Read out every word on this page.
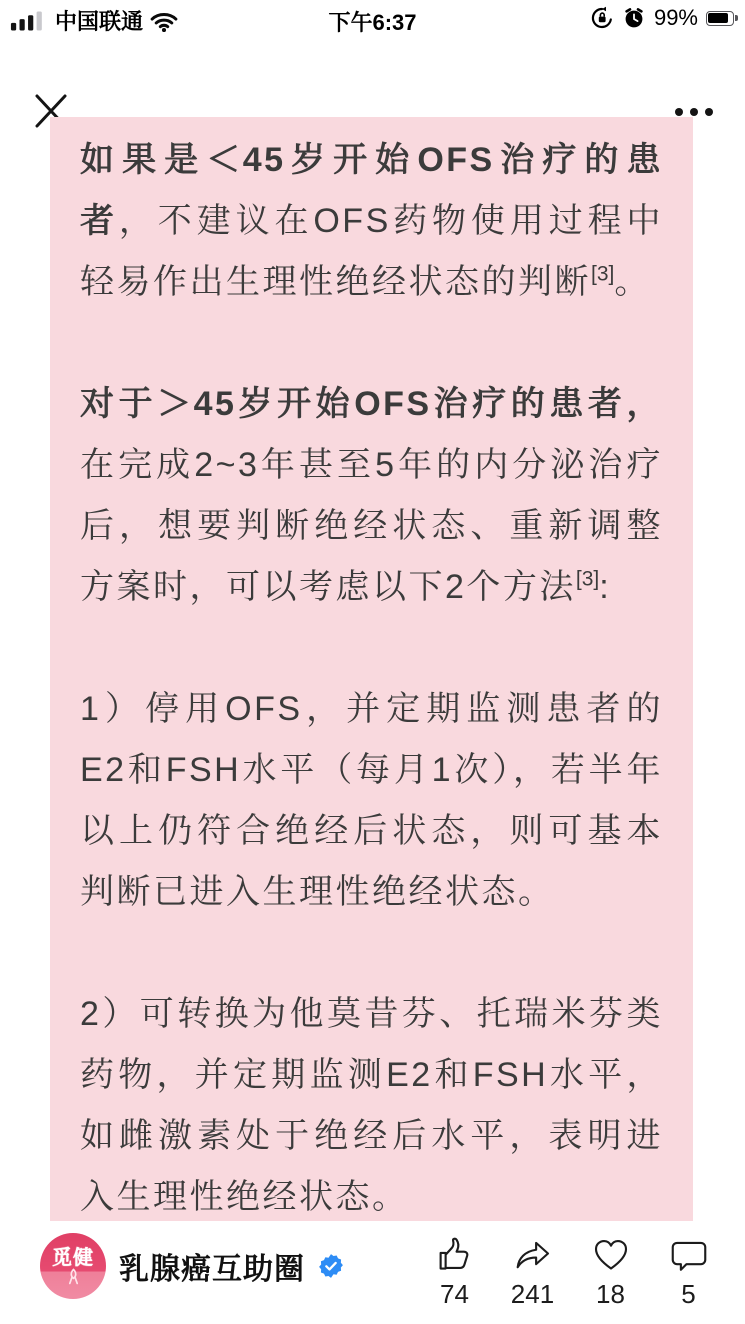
中国联通	下午6:37	99%

如果是＜45岁开始OFS治疗的患者，不建议在OFS药物使用过程中轻易作出生理性绝经状态的判断[3]。

对于＞45岁开始OFS治疗的患者，在完成2~3年甚至5年的内分泌治疗后，想要判断绝经状态、重新调整方案时，可以考虑以下2个方法[3]:

1）停用OFS，并定期监测患者的E2和FSH水平（每月1次），若半年以上仍符合绝经后状态，则可基本判断已进入生理性绝经状态。

2）可转换为他莫昔芬、托瑞米芬类药物，并定期监测E2和FSH水平，如雌激素处于绝经后水平，表明进入生理性绝经状态。

觅健 乳腺癌互助圈
74 241 18 5
